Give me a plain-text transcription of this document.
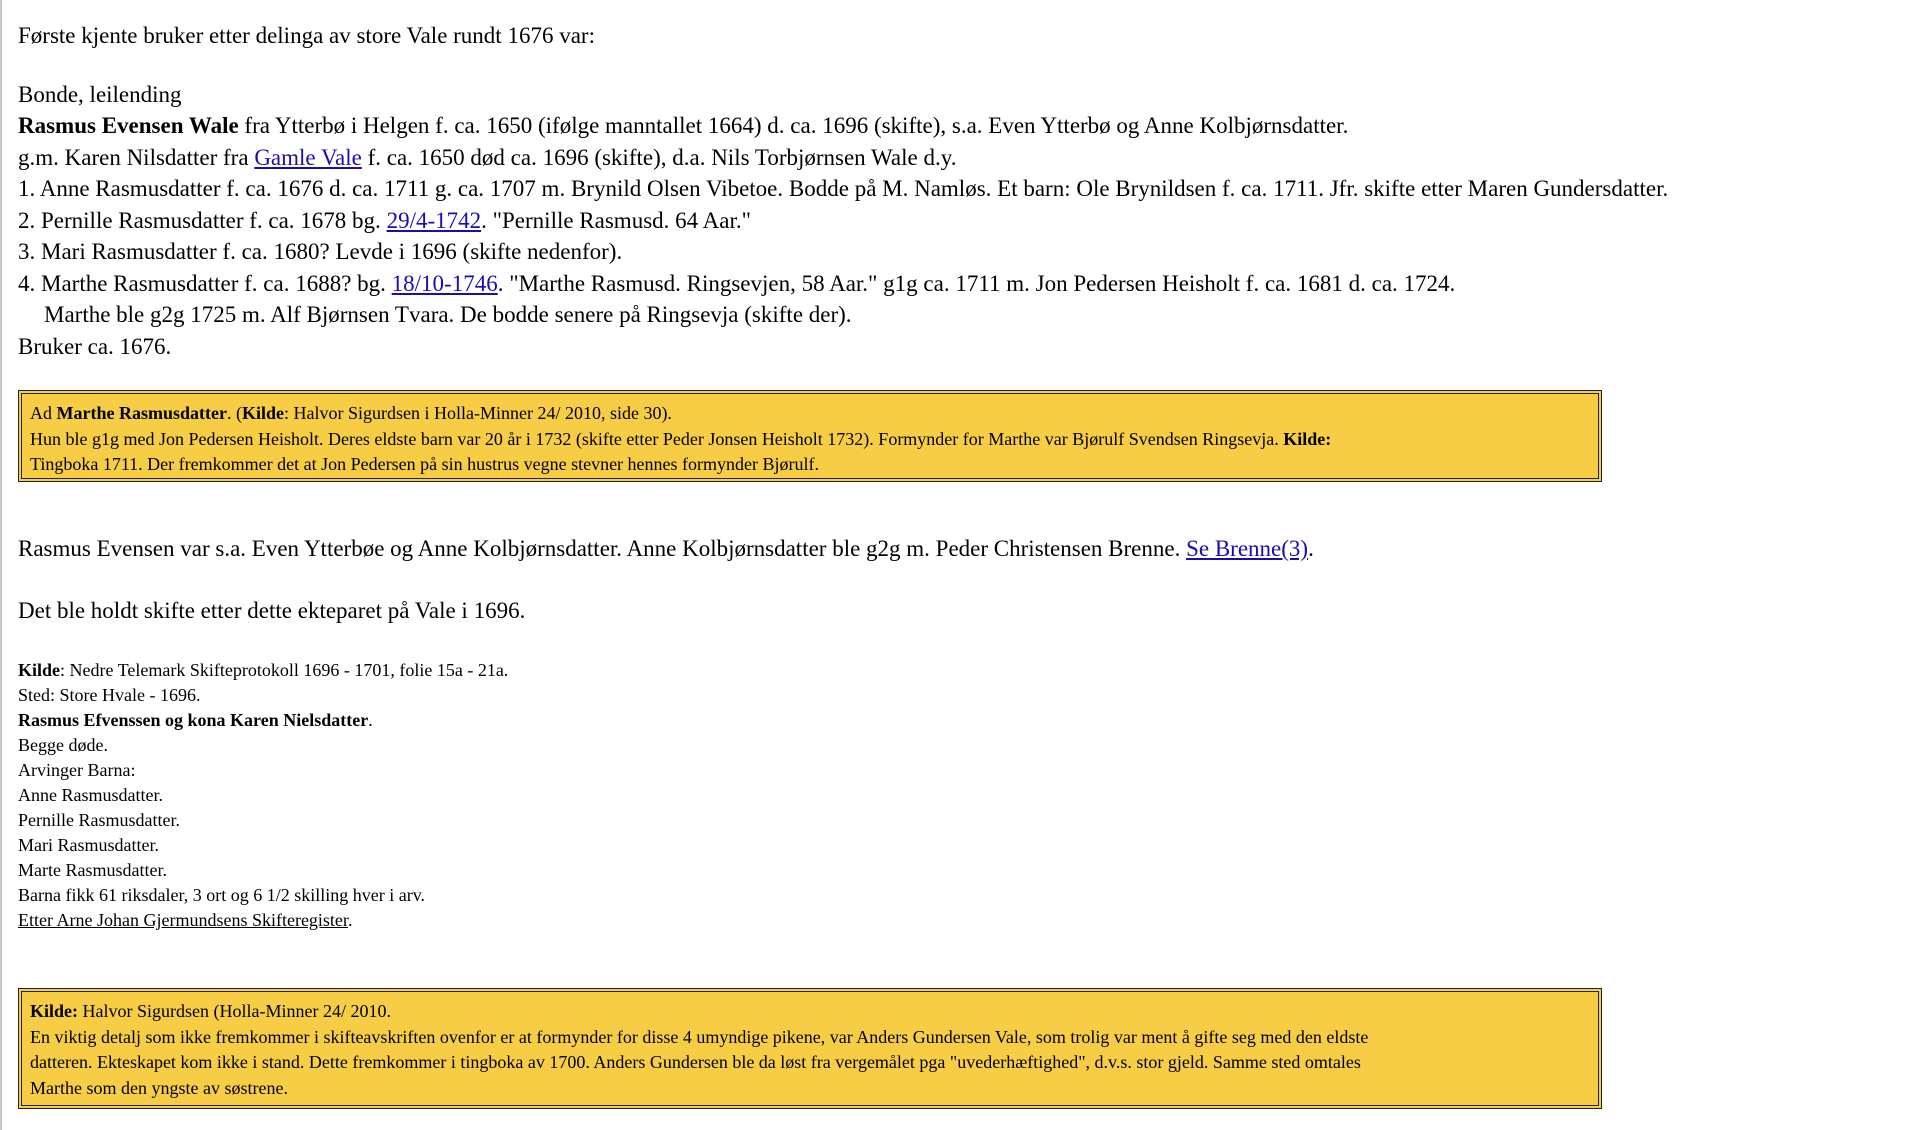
Første kjente bruker etter delinga av store Vale rundt 1676 var:
Bonde, leilending
Rasmus Evensen Wale fra Ytterbø i Helgen f. ca. 1650 (ifølge manntallet 1664) d. ca. 1696 (skifte), s.a. Even Ytterbø og Anne Kolbjørnsdatter.
g.m. Karen Nilsdatter fra Gamle Vale f. ca. 1650 død ca. 1696 (skifte), d.a. Nils Torbjørnsen Wale d.y.
1. Anne Rasmusdatter f. ca. 1676 d. ca. 1711 g. ca. 1707 m. Brynild Olsen Vibetoe. Bodde på M. Namløs. Et barn: Ole Brynildsen f. ca. 1711. Jfr. skifte etter Maren Gundersdatter.
2. Pernille Rasmusdatter f. ca. 1678 bg. 29/4-1742. "Pernille Rasmusd. 64 Aar."
3. Mari Rasmusdatter f. ca. 1680? Levde i 1696 (skifte nedenfor).
4. Marthe Rasmusdatter f. ca. 1688? bg. 18/10-1746. "Marthe Rasmusd. Ringsevjen, 58 Aar." g1g ca. 1711 m. Jon Pedersen Heisholt f. ca. 1681 d. ca. 1724.
Marthe ble g2g 1725 m. Alf Bjørnsen Tvara. De bodde senere på Ringsevja (skifte der).
Bruker ca. 1676.
Ad Marthe Rasmusdatter. (Kilde: Halvor Sigurdsen i Holla-Minner 24/ 2010, side 30).
Hun ble g1g med Jon Pedersen Heisholt. Deres eldste barn var 20 år i 1732 (skifte etter Peder Jonsen Heisholt 1732). Formynder for Marthe var Bjørulf Svendsen Ringsevja. Kilde:
Tingboka 1711. Der fremkommer det at Jon Pedersen på sin hustrus vegne stevner hennes formynder Bjørulf.
Rasmus Evensen var s.a. Even Ytterbøe og Anne Kolbjørnsdatter. Anne Kolbjørnsdatter ble g2g m. Peder Christensen Brenne. Se Brenne(3).
Det ble holdt skifte etter dette ekteparet på Vale i 1696.
Kilde: Nedre Telemark Skifteprotokoll 1696 - 1701, folie 15a - 21a.
Sted: Store Hvale - 1696.
Rasmus Efvenssen og kona Karen Nielsdatter.
Begge døde.
Arvinger Barna:
Anne Rasmusdatter.
Pernille Rasmusdatter.
Mari Rasmusdatter.
Marte Rasmusdatter.
Barna fikk 61 riksdaler, 3 ort og 6 1/2 skilling hver i arv.
Etter Arne Johan Gjermundsens Skifteregister.
Kilde: Halvor Sigurdsen (Holla-Minner 24/ 2010.
En viktig detalj som ikke fremkommer i skifteavskriften ovenfor er at formynder for disse 4 umyndige pikene, var Anders Gundersen Vale, som trolig var ment å gifte seg med den eldste
datteren. Ekteskapet kom ikke i stand. Dette fremkommer i tingboka av 1700. Anders Gundersen ble da løst fra vergemålet pga "uvederhæftighed", d.v.s. stor gjeld. Samme sted omtales
Marthe som den yngste av søstrene.
